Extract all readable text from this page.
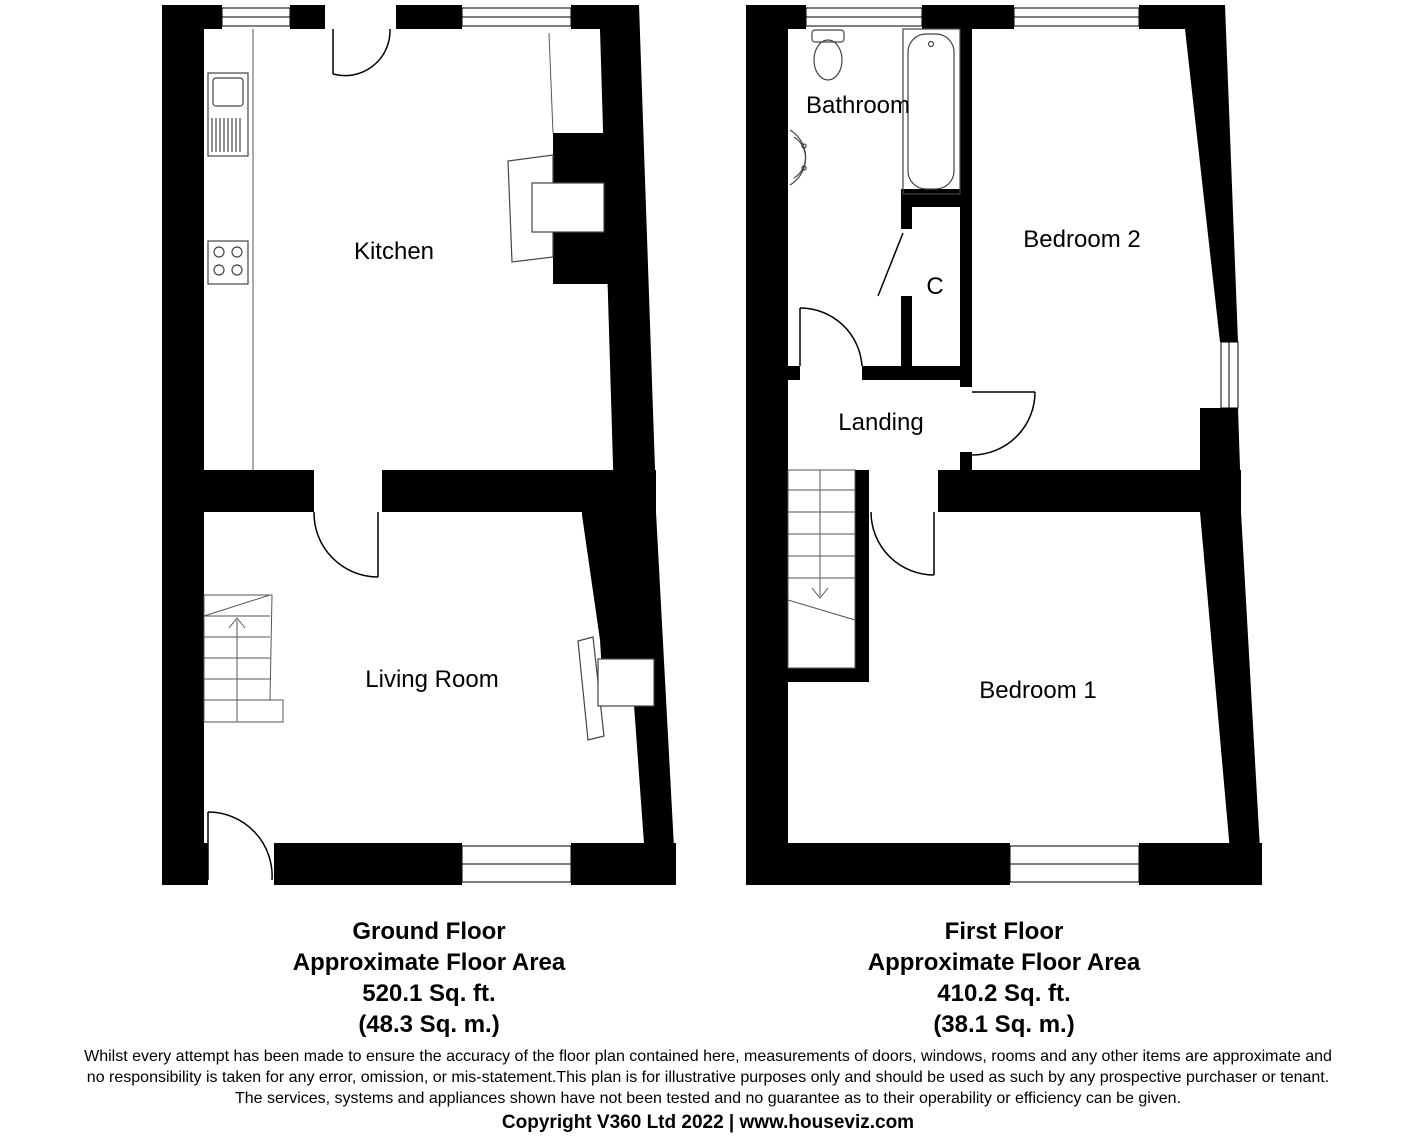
Kitchen
Living Room
Bathroom
Bedroom 2
C
Landing
Bedroom 1
Ground Floor
Approximate Floor Area
520.1 Sq. ft.
(48.3 Sq. m.)
First Floor
Approximate Floor Area
410.2 Sq. ft.
(38.1 Sq. m.)
Whilst every attempt has been made to ensure the accuracy of the floor plan contained here, measurements of doors, windows, rooms and any other items are approximate and
no responsibility is taken for any error, omission, or mis-statement.This plan is for illustrative purposes only and should be used as such by any prospective purchaser or tenant.
The services, systems and appliances shown have not been tested and no guarantee as to their operability or efficiency can be given.
Copyright V360 Ltd 2022 | www.houseviz.com
